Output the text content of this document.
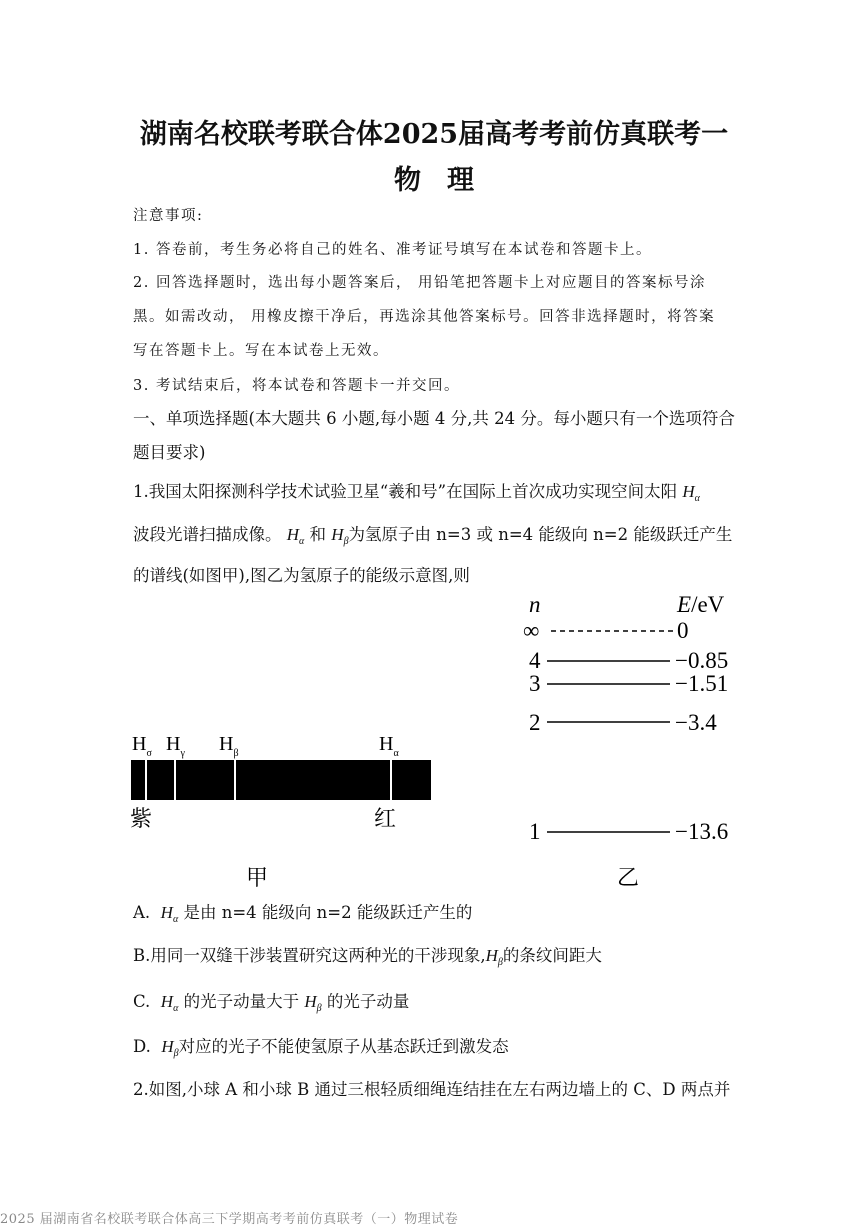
湖南名校联考联合体2025届高考考前仿真联考一
物理
注意事项:
1. 答卷前，考生务必将自己的姓名、准考证号填写在本试卷和答题卡上。
2. 回答选择题时，选出每小题答案后， 用铅笔把答题卡上对应题目的答案标号涂
黑。如需改动， 用橡皮擦干净后，再选涂其他答案标号。回答非选择题时，将答案
写在答题卡上。写在本试卷上无效。
3. 考试结束后，将本试卷和答题卡一并交回。
一、单项选择题(本大题共 6 小题,每小题 4 分,共 24 分。每小题只有一个选项符合
题目要求)
1.我国太阳探测科学技术试验卫星“羲和号”在国际上首次成功实现空间太阳 $H_\alpha$
波段光谱扫描成像。 $H_\alpha$ 和 $H_\beta$为氢原子由 n=3 或 n=4 能级向 n=2 能级跃迁产生
的谱线(如图甲),图乙为氢原子的能级示意图,则
$H_\sigma$ $H_\gamma$ $H_\beta$	$H_\alpha$
紫	红
甲
n	E/eV
∞	0
4	−0.85
3	−1.51
2	−3.4
1	−13.6
乙
A. $H_\alpha$ 是由 n=4 能级向 n=2 能级跃迁产生的
B.用同一双缝干涉装置研究这两种光的干涉现象$,H_\beta$的条纹间距大
C. $H_\alpha$ 的光子动量大于 $H_\beta$ 的光子动量
D. $H_\beta$对应的光子不能使氢原子从基态跃迁到激发态
2.如图,小球 A 和小球 B 通过三根轻质细绳连结挂在左右两边墙上的 C、D 两点并
2025 届湖南省名校联考联合体高三下学期高考考前仿真联考（一）物理试卷
